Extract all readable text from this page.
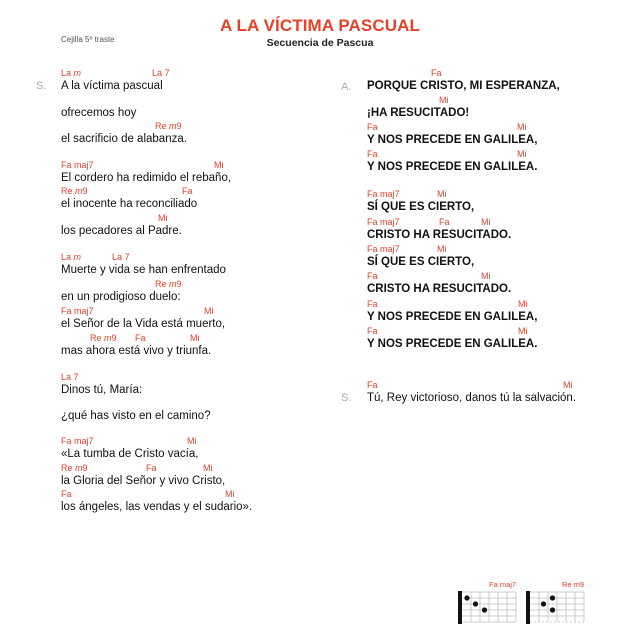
A LA VÍCTIMA PASCUAL
Secuencia de Pascua
Cejilla 5º traste
S.	A.
S.
La m	La 7
A la víctima pascual
ofrecemos hoy
Re m9
el sacrificio de alabanza.
Fa maj7	Mi
El cordero ha redimido el rebaño,
Re m9	Fa
el inocente ha reconciliado
Mi
los pecadores al Padre.
La m	La 7
Muerte y vida se han enfrentado
Re m9
en un prodigioso duelo:
Fa maj7	Mi
el Señor de la Vida está muerto,
Re m9 Fa	Mi
mas ahora está vivo y triunfa.
La 7
Dinos tú, María:
¿qué has visto en el camino?
Fa maj7	Mi
«La tumba de Cristo vacía,
Re m9	Fa	Mi
la Gloria del Señor y vivo Cristo,
Fa	Mi
los ángeles, las vendas y el sudario».
Fa
PORQUE CRISTO, MI ESPERANZA,
Mi
¡HA RESUCITADO!
Fa	Mi
Y NOS PRECEDE EN GALILEA,
Fa	Mi
Y NOS PRECEDE EN GALILEA.
Fa maj7	Mi
SÍ QUE ES CIERTO,
Fa maj7	Fa	Mi
CRISTO HA RESUCITADO.
Fa maj7	Mi
SÍ QUE ES CIERTO,
Fa	Mi
CRISTO HA RESUCITADO.
Fa	Mi
Y NOS PRECEDE EN GALILEA,
Fa	Mi
Y NOS PRECEDE EN GALILEA.
Fa	Mi
Tú, Rey victorioso, danos tú la salvación.
Fa maj7	Re m9
